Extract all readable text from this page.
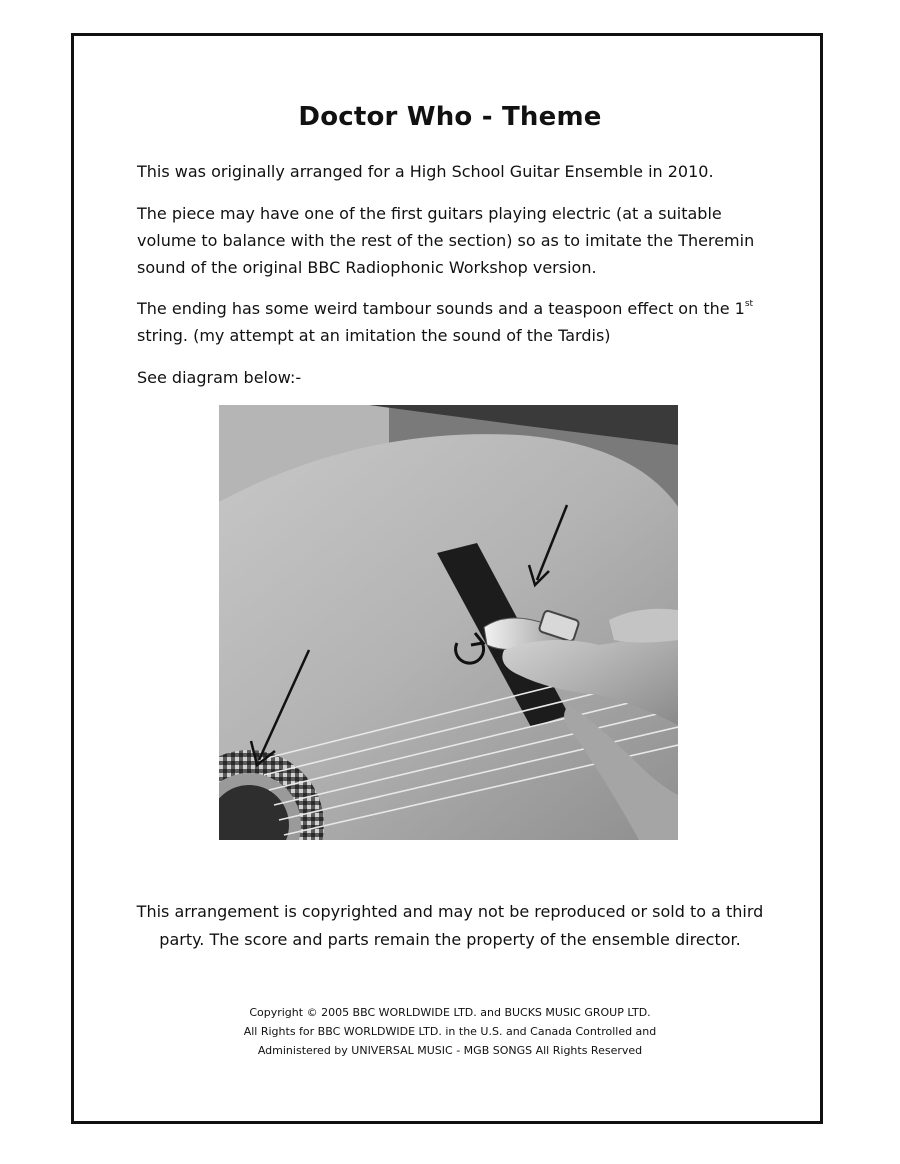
Doctor Who - Theme

This was originally arranged for a High School Guitar Ensemble in 2010.

The piece may have one of the first guitars playing electric (at a suitable volume to balance with the rest of the section) so as to imitate the Theremin sound of the original BBC Radiophonic Workshop version.

The ending has some weird tambour sounds and a teaspoon effect on the 1st string. (my attempt at an imitation the sound of the Tardis)

See diagram below:-

This arrangement is copyrighted and may not be reproduced or sold to a third
party. The score and parts remain the property of the ensemble director.
Copyright © 2005 BBC WORLDWIDE LTD. and BUCKS MUSIC GROUP LTD.
All Rights for BBC WORLDWIDE LTD. in the U.S. and Canada Controlled and
Administered by UNIVERSAL MUSIC - MGB SONGS All Rights Reserved
